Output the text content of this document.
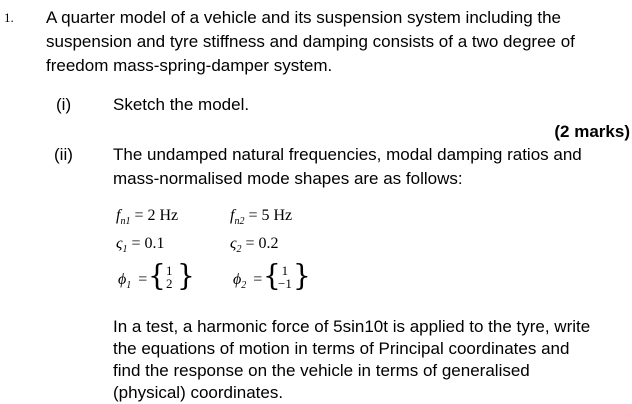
1. A quarter model of a vehicle and its suspension system including the
suspension and tyre stiffness and damping consists of a two degree of
freedom mass-spring-damper system.
(i) Sketch the model.
(2 marks)
(ii) The undamped natural frequencies, modal damping ratios and
mass-normalised mode shapes are as follows:
$f_{n1} = 2$ Hz	$f_{n2} = 5$ Hz
$\varsigma_1 = 0.1$	$\varsigma_2 = 0.2$
$\phi_1$ = { 1
2 } $\phi_2$ = { 1
−1 }
In a test, a harmonic force of 5sin10t is applied to the tyre, write
the equations of motion in terms of Principal coordinates and
find the response on the vehicle in terms of generalised
(physical) coordinates.
